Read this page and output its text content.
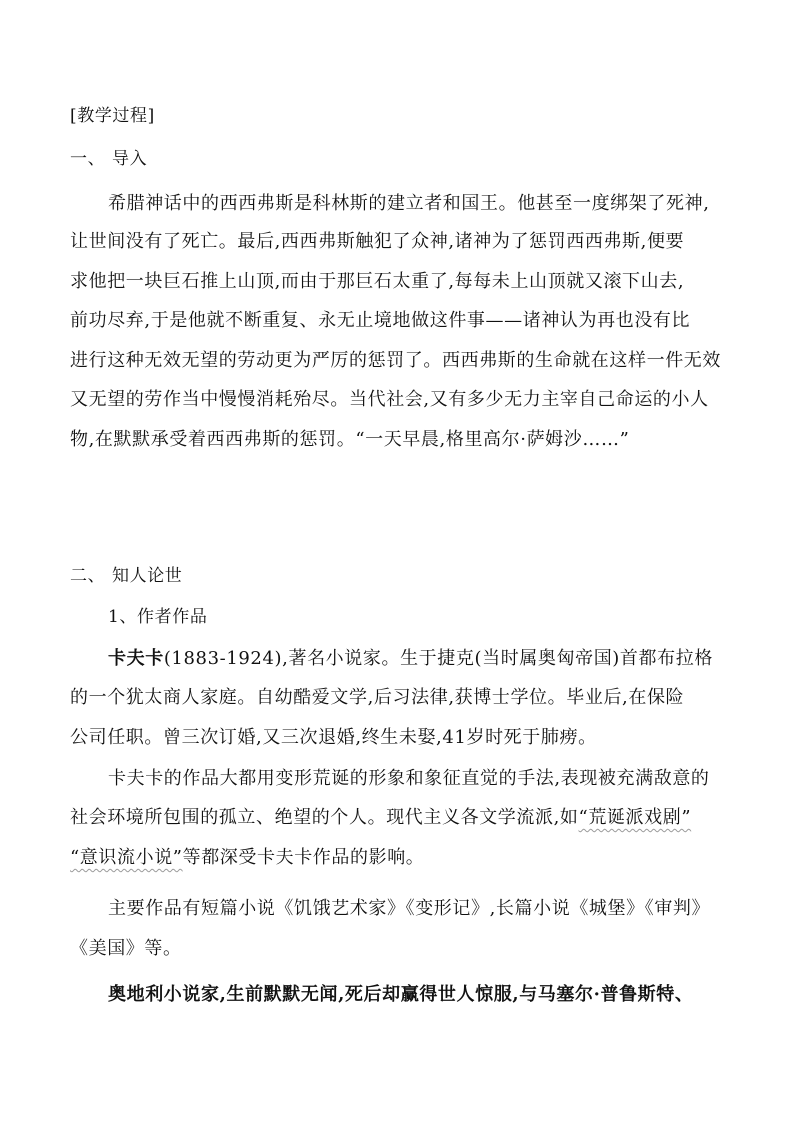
[教学过程]
一、 导入
希腊神话中的西西弗斯是科林斯的建立者和国王。他甚至一度绑架了死神,
让世间没有了死亡。最后,西西弗斯触犯了众神,诸神为了惩罚西西弗斯,便要
求他把一块巨石推上山顶,而由于那巨石太重了,每每未上山顶就又滚下山去,
前功尽弃,于是他就不断重复、永无止境地做这件事——诸神认为再也没有比
进行这种无效无望的劳动更为严厉的惩罚了。西西弗斯的生命就在这样一件无效
又无望的劳作当中慢慢消耗殆尽。当代社会,又有多少无力主宰自己命运的小人
物,在默默承受着西西弗斯的惩罚。“一天早晨,格里高尔·萨姆沙……”
二、 知人论世
1、作者作品
卡夫卡(1883-1924),著名小说家。生于捷克(当时属奥匈帝国)首都布拉格
的一个犹太商人家庭。自幼酷爱文学,后习法律,获博士学位。毕业后,在保险
公司任职。曾三次订婚,又三次退婚,终生未娶,41岁时死于肺痨。
卡夫卡的作品大都用变形荒诞的形象和象征直觉的手法,表现被充满敌意的
社会环境所包围的孤立、绝望的个人。现代主义各文学流派,如“荒诞派戏剧”
“意识流小说”等都深受卡夫卡作品的影响。
主要作品有短篇小说《饥饿艺术家》《变形记》,长篇小说《城堡》《审判》
《美国》等。
奥地利小说家,生前默默无闻,死后却赢得世人惊服,与马塞尔·普鲁斯特、
